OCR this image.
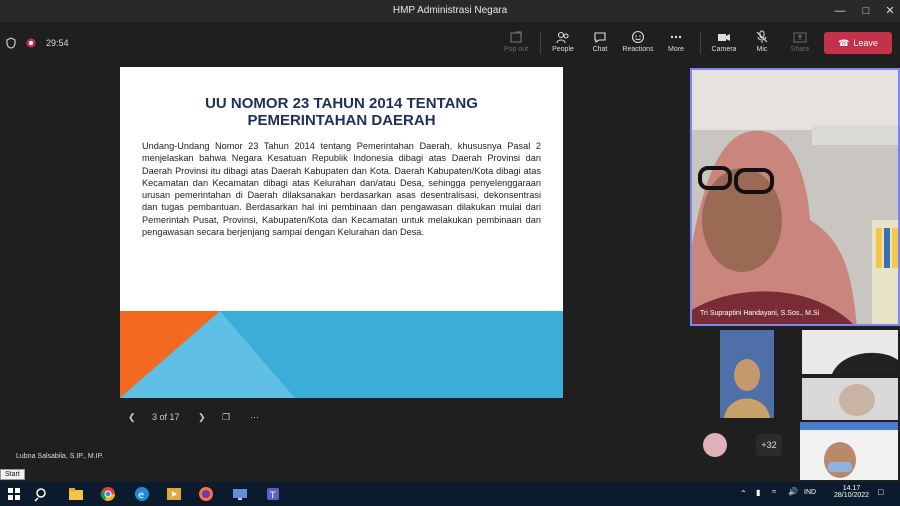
HMP Administrasi Negara	—	□	✕
29:54
Pop out	People	Chat	Reactions	More	Camera	Mic	Share
☎ Leave
UU NOMOR 23 TAHUN 2014 TENTANG
PEMERINTAHAN DAERAH
Undang-Undang Nomor 23 Tahun 2014 tentang Pemerintahan Daerah, khususnya Pasal 2 menjelaskan bahwa Negara Kesatuan Republik Indonesia dibagi atas Daerah Provinsi dan Daerah Provinsi itu dibagi atas Daerah Kabupaten dan Kota. Daerah Kabupaten/Kota dibagi atas Kecamatan dan Kecamatan dibagi atas Kelurahan dan/atau Desa, sehingga penyelenggaraan urusan pemerintahan di Daerah dilaksanakan berdasarkan asas desentralisasi, dekonsentrasi dan tugas pembantuan. Berdasarkan hal ini pembinaan dan pengawasan dilakukan mulai dari Pemerintah Pusat, Provinsi, Kabupaten/Kota dan Kecamatan untuk melakukan pembinaan dan pengawasan secara berjenjang sampai dengan Kelurahan dan Desa.
❮ 3 of 17 ❯ ❐ ···
Lubna Salsabila, S.IP., M.IP.
Tri Supraptini Handayani, S.Sos., M.Si
+32
Start
e	T	⌃ ▮ ≈ 🔊 IND
14.17
28/10/2022 □
